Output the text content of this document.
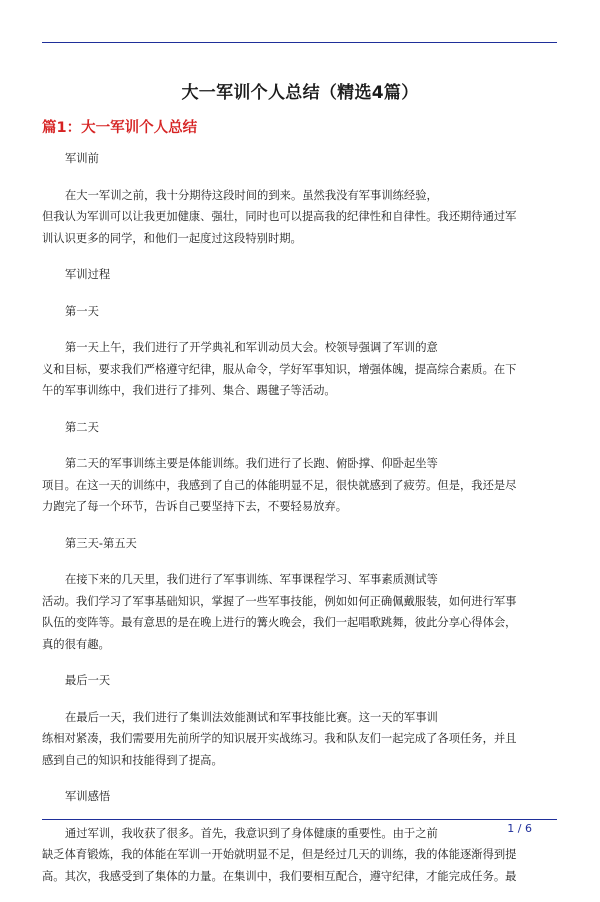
大一军训个人总结（精选4篇）
篇1：大一军训个人总结
军训前
在大一军训之前，我十分期待这段时间的到来。虽然我没有军事训练经验，
但我认为军训可以让我更加健康、强壮，同时也可以提高我的纪律性和自律性。我还期待通过军
训认识更多的同学，和他们一起度过这段特别时期。
军训过程
第一天
第一天上午，我们进行了开学典礼和军训动员大会。校领导强调了军训的意
义和目标，要求我们严格遵守纪律，服从命令，学好军事知识，增强体魄，提高综合素质。在下
午的军事训练中，我们进行了排列、集合、踢毽子等活动。
第二天
第二天的军事训练主要是体能训练。我们进行了长跑、俯卧撑、仰卧起坐等
项目。在这一天的训练中，我感到了自己的体能明显不足，很快就感到了疲劳。但是，我还是尽
力跑完了每一个环节，告诉自己要坚持下去，不要轻易放弃。
第三天-第五天
在接下来的几天里，我们进行了军事训练、军事课程学习、军事素质测试等
活动。我们学习了军事基础知识，掌握了一些军事技能，例如如何正确佩戴服装，如何进行军事
队伍的变阵等。最有意思的是在晚上进行的篝火晚会，我们一起唱歌跳舞，彼此分享心得体会，
真的很有趣。
最后一天
在最后一天，我们进行了集训法效能测试和军事技能比赛。这一天的军事训
练相对紧凑，我们需要用先前所学的知识展开实战练习。我和队友们一起完成了各项任务，并且
感到自己的知识和技能得到了提高。
军训感悟
通过军训，我收获了很多。首先，我意识到了身体健康的重要性。由于之前
缺乏体育锻炼，我的体能在军训一开始就明显不足，但是经过几天的训练，我的体能逐渐得到提
高。其次，我感受到了集体的力量。在集训中，我们要相互配合，遵守纪律，才能完成任务。最
1 / 6
